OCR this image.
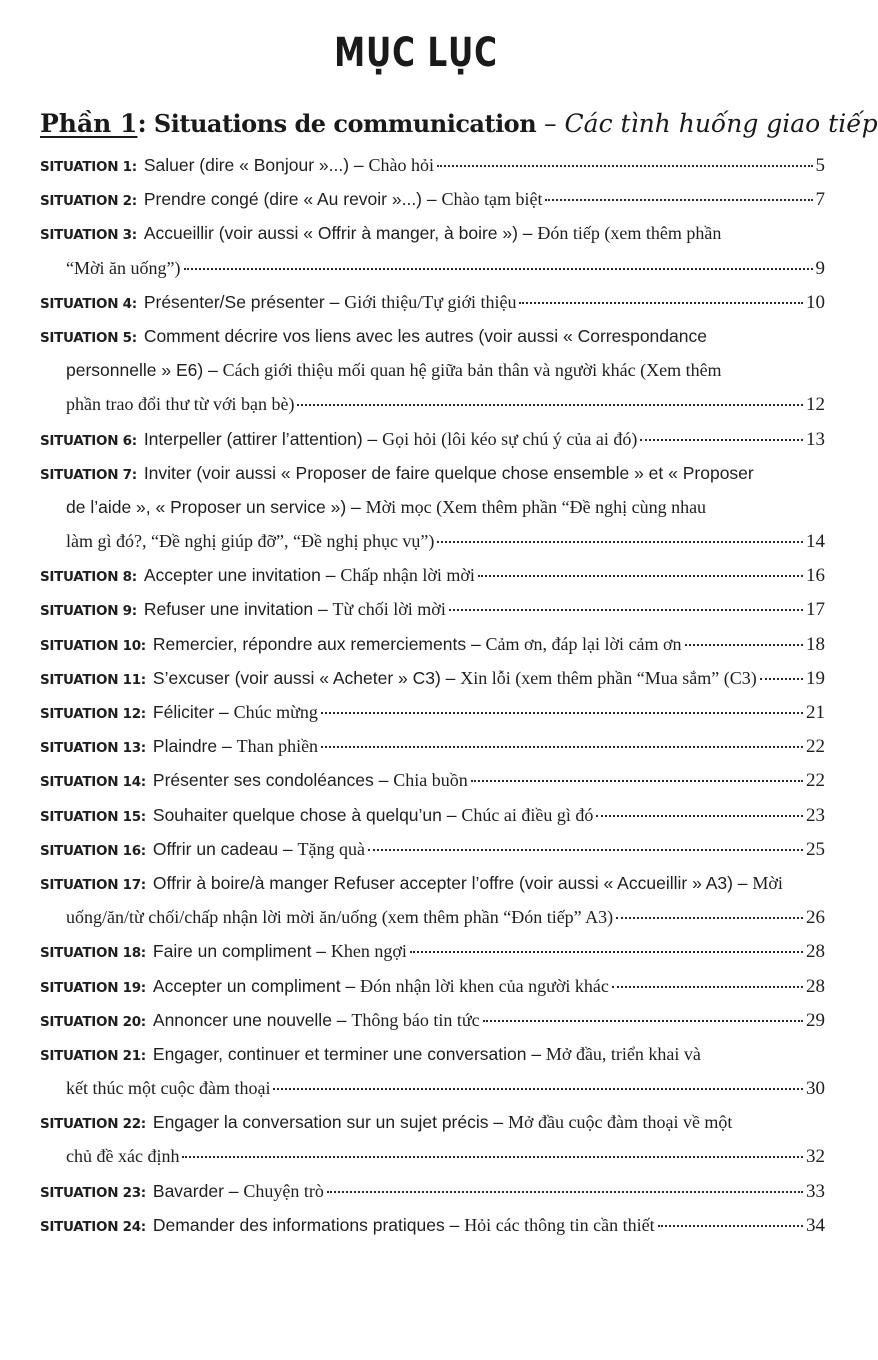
MỤC LỤC
Phần 1: Situations de communication – Các tình huống giao tiếp
SITUATION 1: Saluer (dire « Bonjour »...) – Chào hỏi	5
SITUATION 2: Prendre congé (dire « Au revoir »...) – Chào tạm biệt	7
SITUATION 3: Accueillir (voir aussi « Offrir à manger, à boire ») – Đón tiếp (xem thêm phần
“Mời ăn uống”)	9
SITUATION 4: Présenter/Se présenter – Giới thiệu/Tự giới thiệu	10
SITUATION 5: Comment décrire vos liens avec les autres (voir aussi « Correspondance
personnelle » E6) – Cách giới thiệu mối quan hệ giữa bản thân và người khác (Xem thêm
phần trao đổi thư từ với bạn bè)	12
SITUATION 6: Interpeller (attirer l’attention) – Gọi hỏi (lôi kéo sự chú ý của ai đó)	13
SITUATION 7: Inviter (voir aussi « Proposer de faire quelque chose ensemble » et « Proposer
de l’aide », « Proposer un service ») – Mời mọc (Xem thêm phần “Đề nghị cùng nhau
làm gì đó?, “Đề nghị giúp đỡ”, “Đề nghị phục vụ”)	14
SITUATION 8: Accepter une invitation – Chấp nhận lời mời	16
SITUATION 9: Refuser une invitation – Từ chối lời mời	17
SITUATION 10: Remercier, répondre aux remerciements – Cảm ơn, đáp lại lời cảm ơn	18
SITUATION 11: S’excuser (voir aussi « Acheter » C3) – Xin lỗi (xem thêm phần “Mua sắm” (C3)	19
SITUATION 12: Féliciter – Chúc mừng	21
SITUATION 13: Plaindre – Than phiền	22
SITUATION 14: Présenter ses condoléances – Chia buồn	22
SITUATION 15: Souhaiter quelque chose à quelqu’un – Chúc ai điều gì đó	23
SITUATION 16: Offrir un cadeau – Tặng quà	25
SITUATION 17: Offrir à boire/à manger Refuser accepter l’offre (voir aussi « Accueillir » A3) – Mời
uống/ăn/từ chối/chấp nhận lời mời ăn/uống (xem thêm phần “Đón tiếp” A3)	26
SITUATION 18: Faire un compliment – Khen ngợi	28
SITUATION 19: Accepter un compliment – Đón nhận lời khen của người khác	28
SITUATION 20: Annoncer une nouvelle – Thông báo tin tức	29
SITUATION 21: Engager, continuer et terminer une conversation – Mở đầu, triển khai và
kết thúc một cuộc đàm thoại	30
SITUATION 22: Engager la conversation sur un sujet précis – Mở đầu cuộc đàm thoại về một
chủ đề xác định	32
SITUATION 23: Bavarder – Chuyện trò	33
SITUATION 24: Demander des informations pratiques – Hỏi các thông tin cần thiết	34
